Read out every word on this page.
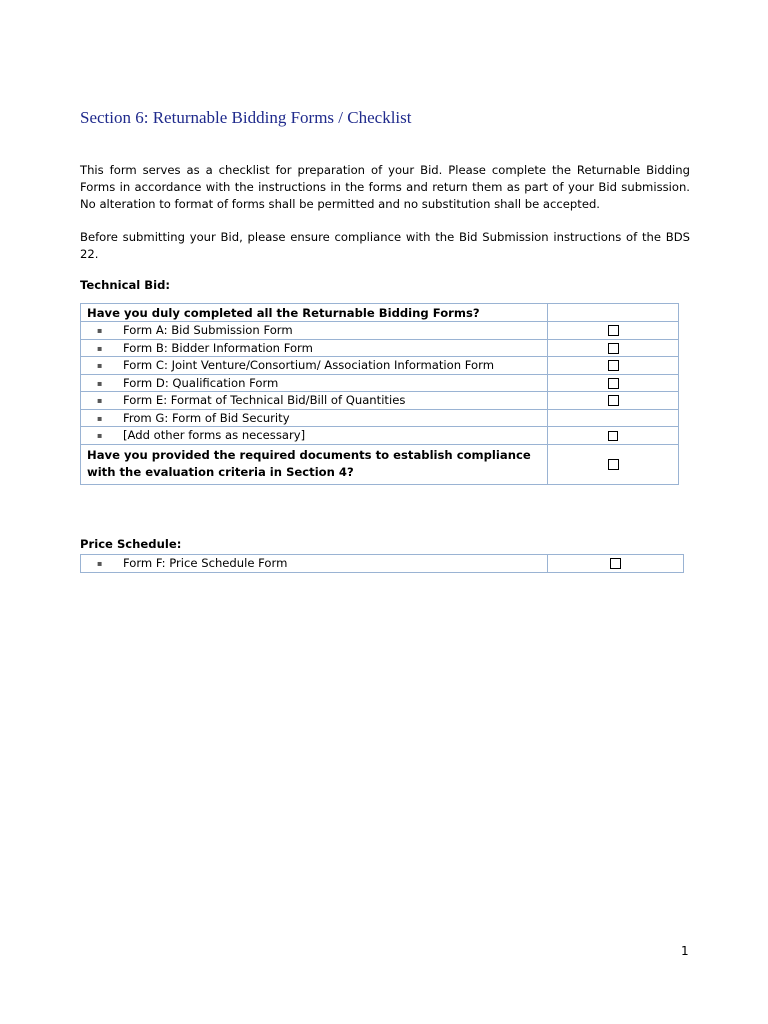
Section 6: Returnable Bidding Forms / Checklist

This form serves as a checklist for preparation of your Bid. Please complete the Returnable Bidding Forms in accordance with the instructions in the forms and return them as part of your Bid submission. No alteration to format of forms shall be permitted and no substitution shall be accepted.

Before submitting your Bid, please ensure compliance with the Bid Submission instructions of the BDS 22.

Technical Bid:

Have you duly completed all the Returnable Bidding Forms?	
▪ Form A: Bid Submission Form	
▪ Form B: Bidder Information Form	
▪ Form C: Joint Venture/Consortium/ Association Information Form	
▪ Form D: Qualification Form	
▪ Form E: Format of Technical Bid/Bill of Quantities	
▪ From G: Form of Bid Security	
▪ [Add other forms as necessary]	
Have you provided the required documents to establish compliance with the evaluation criteria in Section 4?	

Price Schedule:

▪ Form F: Price Schedule Form	
1
